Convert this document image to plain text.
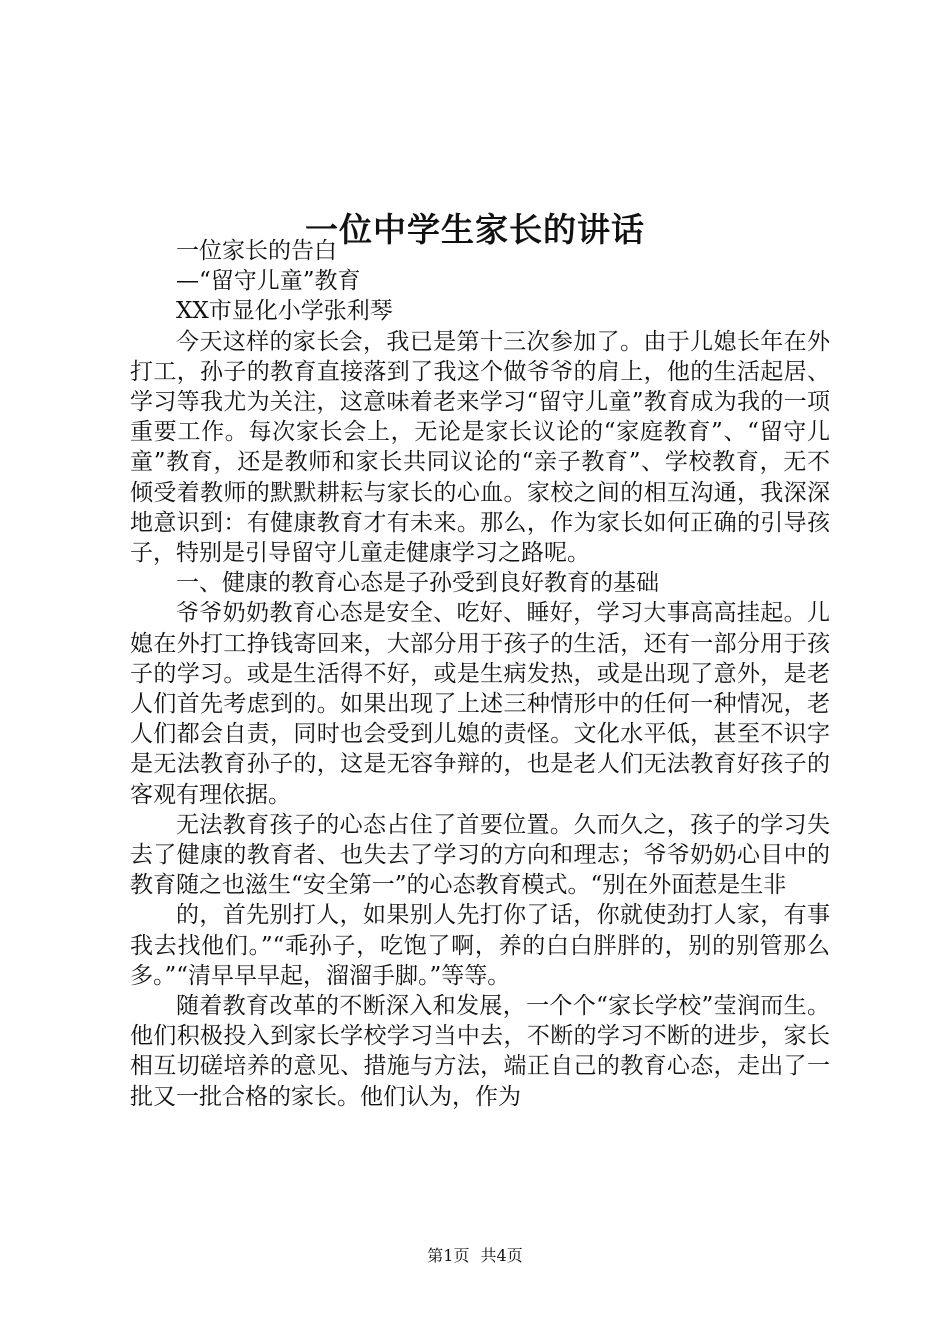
一位中学生家长的讲话

一位家长的告白

—“留守儿童”教育

XX市显化小学张利琴

今天这样的家长会，我已是第十三次参加了。由于儿媳长年在外打工，孙子的教育直接落到了我这个做爷爷的肩上，他的生活起居、学习等我尤为关注，这意味着老来学习“留守儿童”教育成为我的一项重要工作。每次家长会上，无论是家长议论的“家庭教育”、“留守儿童”教育，还是教师和家长共同议论的“亲子教育”、学校教育，无不倾受着教师的默默耕耘与家长的心血。家校之间的相互沟通，我深深地意识到：有健康教育才有未来。那么，作为家长如何正确的引导孩子，特别是引导留守儿童走健康学习之路呢。

一、健康的教育心态是子孙受到良好教育的基础

爷爷奶奶教育心态是安全、吃好、睡好，学习大事高高挂起。儿媳在外打工挣钱寄回来，大部分用于孩子的生活，还有一部分用于孩子的学习。或是生活得不好，或是生病发热，或是出现了意外，是老人们首先考虑到的。如果出现了上述三种情形中的任何一种情况，老人们都会自责，同时也会受到儿媳的责怪。文化水平低，甚至不识字是无法教育孙子的，这是无容争辩的，也是老人们无法教育好孩子的客观有理依据。

无法教育孩子的心态占住了首要位置。久而久之，孩子的学习失去了健康的教育者、也失去了学习的方向和理志；爷爷奶奶心目中的教育随之也滋生“安全第一”的心态教育模式。“别在外面惹是生非

的，首先别打人，如果别人先打你了话，你就使劲打人家，有事我去找他们。”“乖孙子，吃饱了啊，养的白白胖胖的，别的别管那么多。”“清早早早起，溜溜手脚。”等等。

随着教育改革的不断深入和发展，一个个“家长学校”莹润而生。他们积极投入到家长学校学习当中去，不断的学习不断的进步，家长相互切磋培养的意见、措施与方法，端正自己的教育心态，走出了一批又一批合格的家长。他们认为，作为

第1页 共4页
